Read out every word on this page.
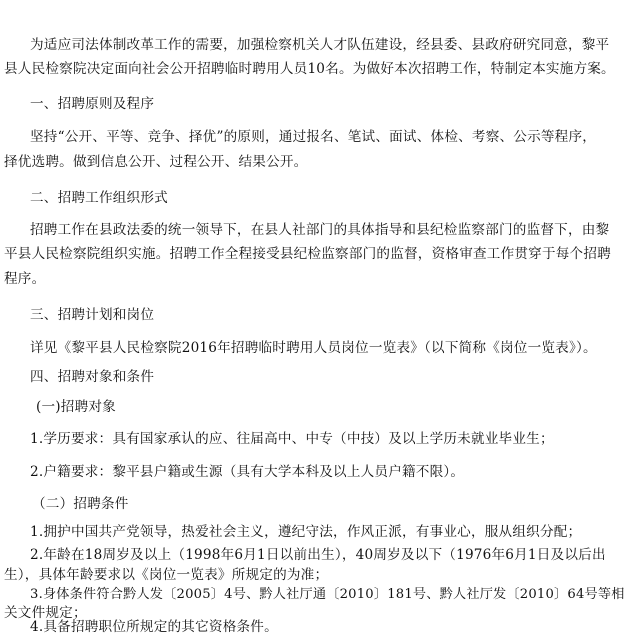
为适应司法体制改革工作的需要，加强检察机关人才队伍建设，经县委、县政府研究同意，黎平
县人民检察院决定面向社会公开招聘临时聘用人员10名。为做好本次招聘工作，特制定本实施方案。
一、招聘原则及程序
坚持“公开、平等、竞争、择优”的原则，通过报名、笔试、面试、体检、考察、公示等程序，
择优选聘。做到信息公开、过程公开、结果公开。
二、招聘工作组织形式
招聘工作在县政法委的统一领导下，在县人社部门的具体指导和县纪检监察部门的监督下，由黎
平县人民检察院组织实施。招聘工作全程接受县纪检监察部门的监督，资格审查工作贯穿于每个招聘
程序。
三、招聘计划和岗位
详见《黎平县人民检察院2016年招聘临时聘用人员岗位一览表》（以下简称《岗位一览表》）。
四、招聘对象和条件
(一)招聘对象
1.学历要求：具有国家承认的应、往届高中、中专（中技）及以上学历未就业毕业生；
2.户籍要求：黎平县户籍或生源（具有大学本科及以上人员户籍不限）。
（二）招聘条件
1.拥护中国共产党领导，热爱社会主义，遵纪守法，作风正派，有事业心，服从组织分配；
2.年龄在18周岁及以上（1998年6月1日以前出生），40周岁及以下（1976年6月1日及以后出
生），具体年龄要求以《岗位一览表》所规定的为准；
3.身体条件符合黔人发〔2005〕4号、黔人社厅通〔2010〕181号、黔人社厅发〔2010〕64号等相
关文件规定；
4.具备招聘职位所规定的其它资格条件。
